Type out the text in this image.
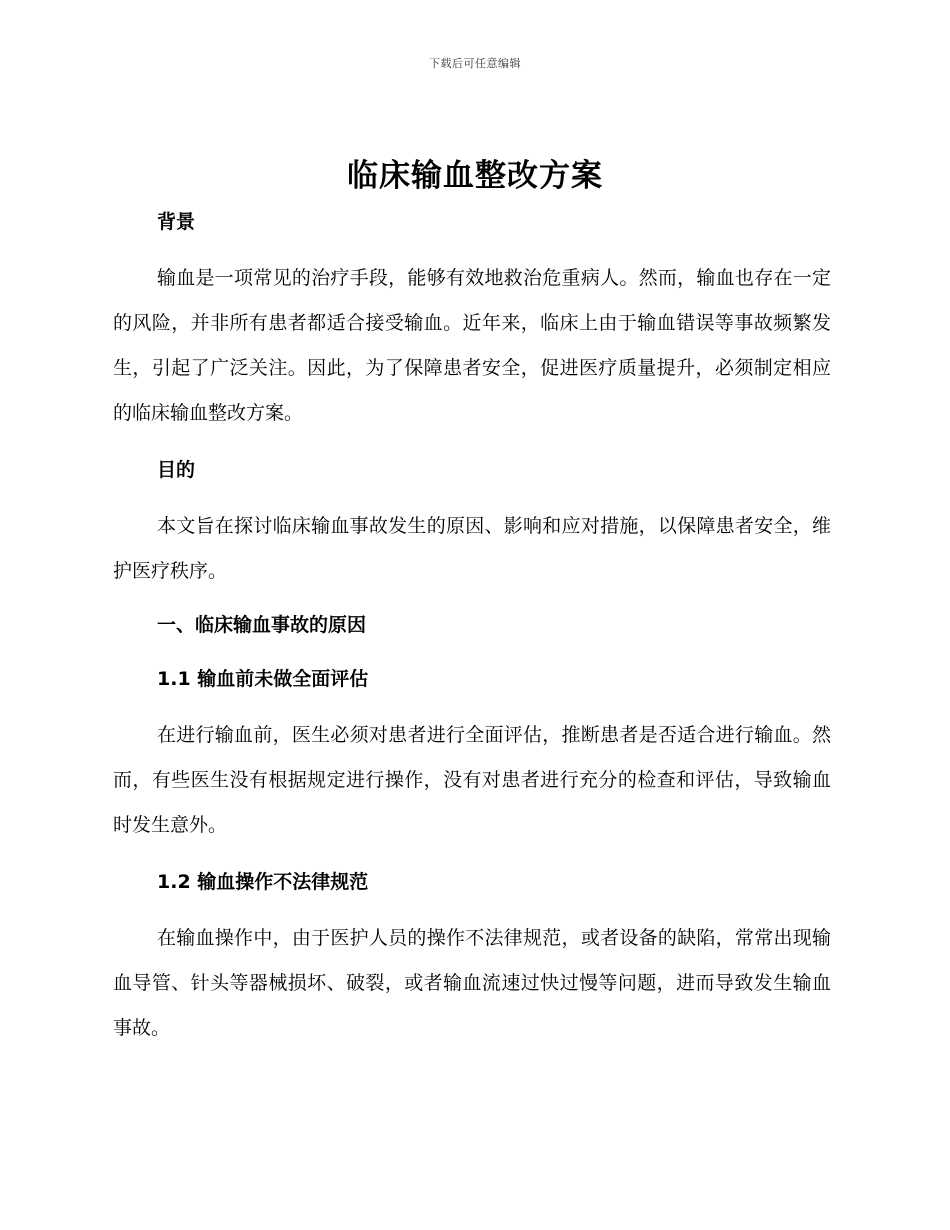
下载后可任意编辑
临床输血整改方案
背景

输血是一项常见的治疗手段，能够有效地救治危重病人。然而，输血也存在一定的风险，并非所有患者都适合接受输血。近年来，临床上由于输血错误等事故频繁发生，引起了广泛关注。因此，为了保障患者安全，促进医疗质量提升，必须制定相应的临床输血整改方案。

目的

本文旨在探讨临床输血事故发生的原因、影响和应对措施，以保障患者安全，维护医疗秩序。

一、临床输血事故的原因
1.1 输血前未做全面评估

在进行输血前，医生必须对患者进行全面评估，推断患者是否适合进行输血。然而，有些医生没有根据规定进行操作，没有对患者进行充分的检查和评估，导致输血时发生意外。

1.2 输血操作不法律规范

在输血操作中，由于医护人员的操作不法律规范，或者设备的缺陷，常常出现输血导管、针头等器械损坏、破裂，或者输血流速过快过慢等问题，进而导致发生输血事故。
